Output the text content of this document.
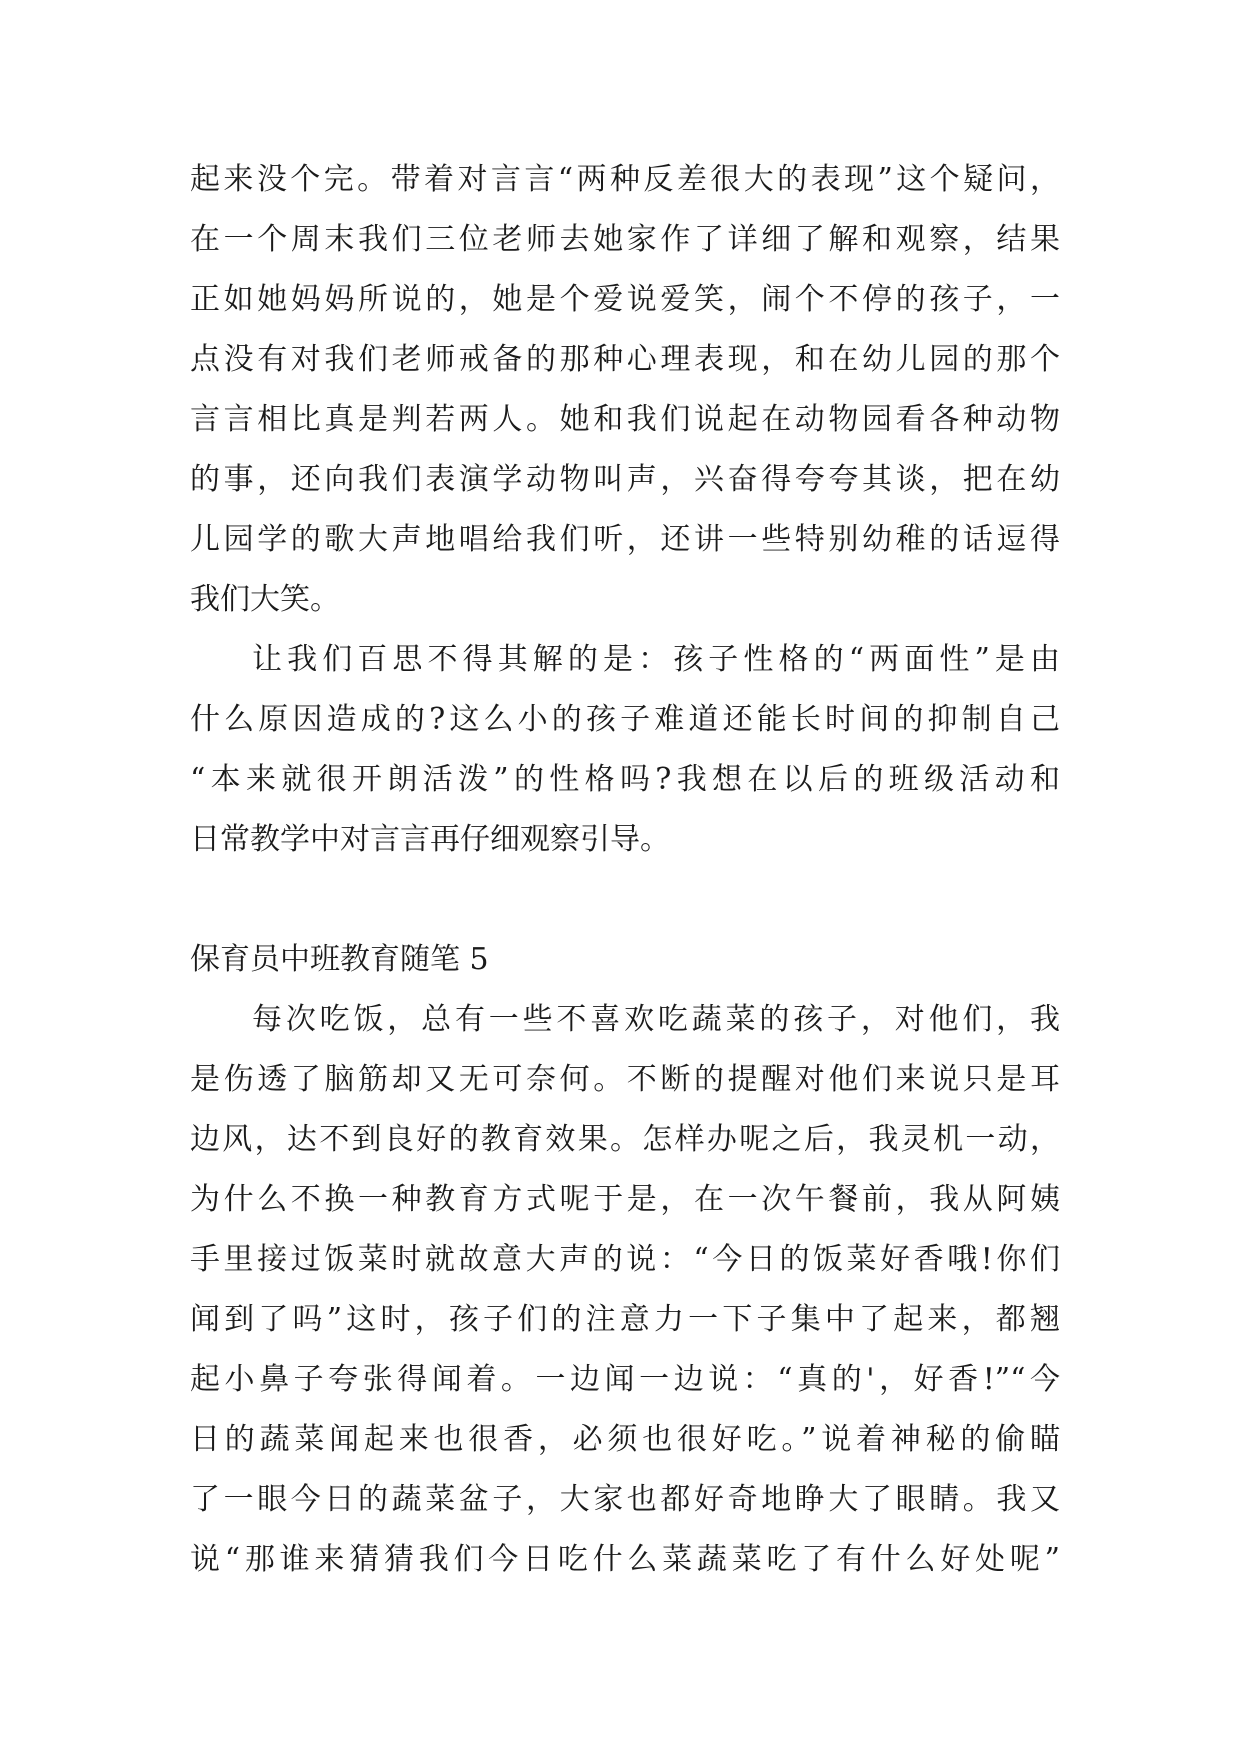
起来没个完。带着对言言“两种反差很大的表现”这个疑问，
在一个周末我们三位老师去她家作了详细了解和观察，结果
正如她妈妈所说的，她是个爱说爱笑，闹个不停的孩子，一
点没有对我们老师戒备的那种心理表现，和在幼儿园的那个
言言相比真是判若两人。她和我们说起在动物园看各种动物
的事，还向我们表演学动物叫声，兴奋得夸夸其谈，把在幼
儿园学的歌大声地唱给我们听，还讲一些特别幼稚的话逗得
我们大笑。
让我们百思不得其解的是：孩子性格的“两面性”是由
什么原因造成的?这么小的孩子难道还能长时间的抑制自己
“本来就很开朗活泼”的性格吗?我想在以后的班级活动和
日常教学中对言言再仔细观察引导。
保育员中班教育随笔 5
每次吃饭，总有一些不喜欢吃蔬菜的孩子，对他们，我
是伤透了脑筋却又无可奈何。不断的提醒对他们来说只是耳
边风，达不到良好的教育效果。怎样办呢之后，我灵机一动，
为什么不换一种教育方式呢于是，在一次午餐前，我从阿姨
手里接过饭菜时就故意大声的说：“今日的饭菜好香哦!你们
闻到了吗”这时，孩子们的注意力一下子集中了起来，都翘
起小鼻子夸张得闻着。一边闻一边说：“真的'，好香!”“今
日的蔬菜闻起来也很香，必须也很好吃。”说着神秘的偷瞄
了一眼今日的蔬菜盆子，大家也都好奇地睁大了眼睛。我又
说“那谁来猜猜我们今日吃什么菜蔬菜吃了有什么好处呢”
